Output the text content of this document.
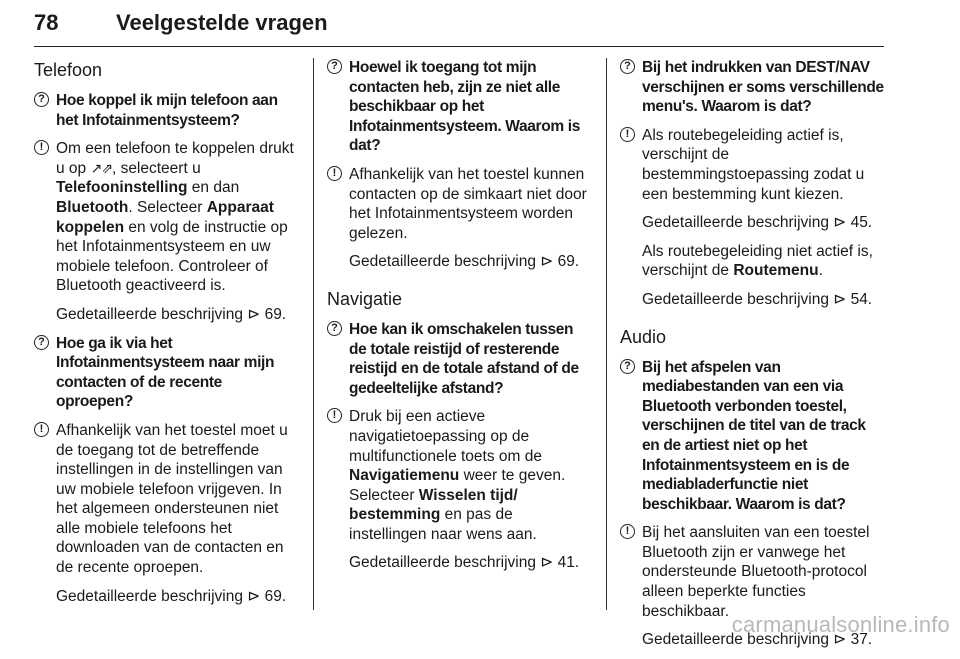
78	Veelgestelde vragen
Telefoon
? Hoe koppel ik mijn telefoon aan het Infotainmentsysteem?
! Om een telefoon te koppelen drukt u op ↗⇗, selecteert u Telefooninstelling en dan Bluetooth. Selecteer Apparaat koppelen en volg de instructie op het Infotainmentsysteem en uw mobiele telefoon. Controleer of Bluetooth geactiveerd is.
Gedetailleerde beschrijving ⊳ 69.
? Hoe ga ik via het Infotainmentsysteem naar mijn contacten of de recente oproepen?
! Afhankelijk van het toestel moet u de toegang tot de betreffende instellingen in de instellingen van uw mobiele telefoon vrijgeven. In het algemeen ondersteunen niet alle mobiele telefoons het downloaden van de contacten en de recente oproepen.
Gedetailleerde beschrijving ⊳ 69.
? Hoewel ik toegang tot mijn contacten heb, zijn ze niet alle beschikbaar op het Infotainmentsysteem. Waarom is dat?
! Afhankelijk van het toestel kunnen contacten op de simkaart niet door het Infotainmentsysteem worden gelezen.
Gedetailleerde beschrijving ⊳ 69.
Navigatie
? Hoe kan ik omschakelen tussen de totale reistijd of resterende reistijd en de totale afstand of de gedeeltelijke afstand?
! Druk bij een actieve navigatietoepassing op de multifunctionele toets om de Navigatiemenu weer te geven. Selecteer Wisselen tijd/ bestemming en pas de instellingen naar wens aan.
Gedetailleerde beschrijving ⊳ 41.
? Bij het indrukken van DEST/NAV verschijnen er soms verschillende menu's. Waarom is dat?
! Als routebegeleiding actief is, verschijnt de bestemmingstoepassing zodat u een bestemming kunt kiezen.
Gedetailleerde beschrijving ⊳ 45.
Als routebegeleiding niet actief is, verschijnt de Routemenu.
Gedetailleerde beschrijving ⊳ 54.
Audio
? Bij het afspelen van mediabestanden van een via Bluetooth verbonden toestel, verschijnen de titel van de track en de artiest niet op het Infotainmentsysteem en is de mediabladerfunctie niet beschikbaar. Waarom is dat?
! Bij het aansluiten van een toestel Bluetooth zijn er vanwege het ondersteunde Bluetooth-protocol alleen beperkte functies beschikbaar.
Gedetailleerde beschrijving ⊳ 37.
carmanualsonline.info
